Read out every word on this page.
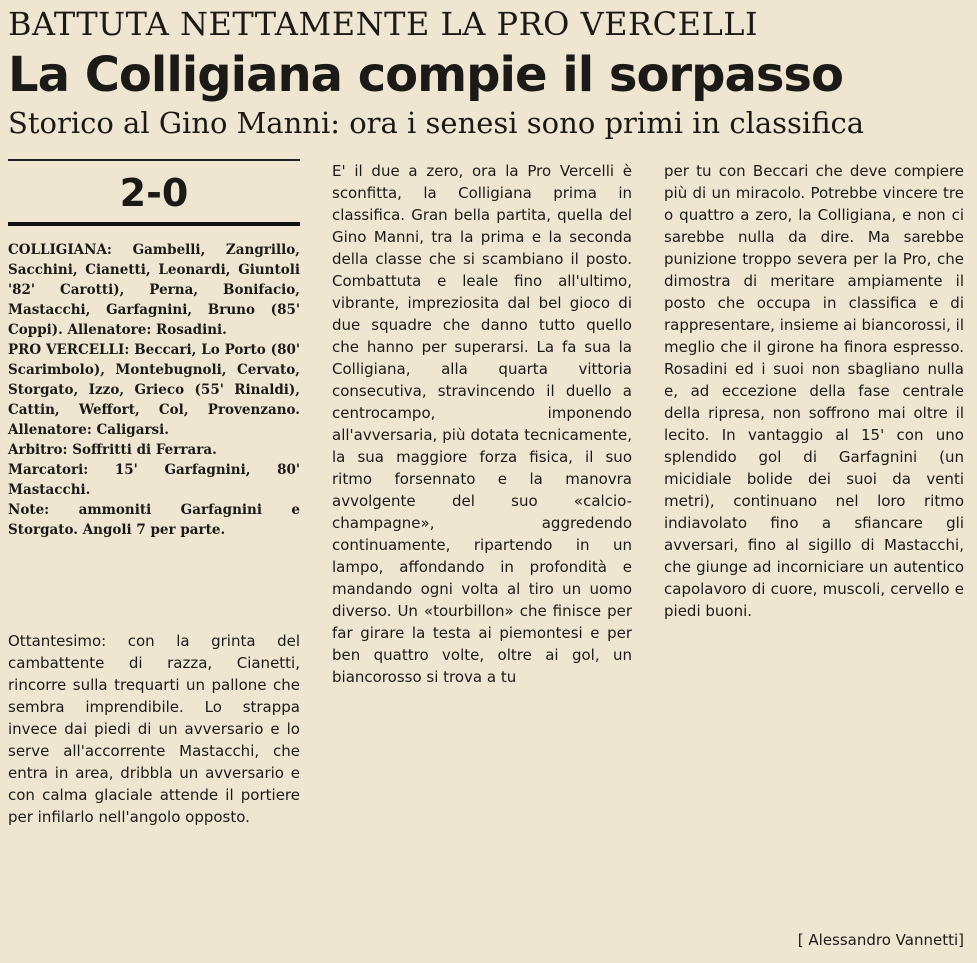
BATTUTA NETTAMENTE LA PRO VERCELLI
La Colligiana compie il sorpasso
Storico al Gino Manni: ora i senesi sono primi in classifica
2-0

COLLIGIANA: Gambelli, Zangrillo, Sacchini, Cianetti, Leonardi, Giuntoli '82' Carotti), Perna, Bonifacio, Mastacchi, Garfagnini, Bruno (85' Coppi). Allenatore: Rosadini.

PRO VERCELLI: Beccari, Lo Porto (80' Scarimbolo), Montebugnoli, Cervato, Storgato, Izzo, Grieco (55' Rinaldi), Cattin, Weffort, Col, Provenzano. Allenatore: Caligarsi.

Arbitro: Soffritti di Ferrara.

Marcatori: 15' Garfagnini, 80' Mastacchi.

Note: ammoniti Garfagnini e Storgato. Angoli 7 per parte.

Ottantesimo: con la grinta del cambattente di razza, Cianetti, rincorre sulla trequarti un pallone che sembra imprendibile. Lo strappa invece dai piedi di un avversario e lo serve all'accorrente Mastacchi, che entra in area, dribbla un avversario e con calma glaciale attende il portiere per infilarlo nell'angolo opposto.

E' il due a zero, ora la Pro Vercelli è sconfitta, la Colligiana prima in classifica. Gran bella partita, quella del Gino Manni, tra la prima e la seconda della classe che si scambiano il posto. Combattuta e leale fino all'ultimo, vibrante, impreziosita dal bel gioco di due squadre che danno tutto quello che hanno per superarsi. La fa sua la Colligiana, alla quarta vittoria consecutiva, stravincendo il duello a centrocampo, imponendo all'avversaria, più dotata tecnicamente, la sua maggiore forza fisica, il suo ritmo forsennato e la manovra avvolgente del suo «calcio-champagne», aggredendo continuamente, ripartendo in un lampo, affondando in profondità e mandando ogni volta al tiro un uomo diverso. Un «tourbillon» che finisce per far girare la testa ai piemontesi e per ben quattro volte, oltre ai gol, un biancorosso si trova a tu

per tu con Beccari che deve compiere più di un miracolo. Potrebbe vincere tre o quattro a zero, la Colligiana, e non ci sarebbe nulla da dire. Ma sarebbe punizione troppo severa per la Pro, che dimostra di meritare ampiamente il posto che occupa in classifica e di rappresentare, insieme ai biancorossi, il meglio che il girone ha finora espresso. Rosadini ed i suoi non sbagliano nulla e, ad eccezione della fase centrale della ripresa, non soffrono mai oltre il lecito. In vantaggio al 15' con uno splendido gol di Garfagnini (un micidiale bolide dei suoi da venti metri), continuano nel loro ritmo indiavolato fino a sfiancare gli avversari, fino al sigillo di Mastacchi, che giunge ad incorniciare un autentico capolavoro di cuore, muscoli, cervello e piedi buoni.

[ Alessandro Vannetti]
